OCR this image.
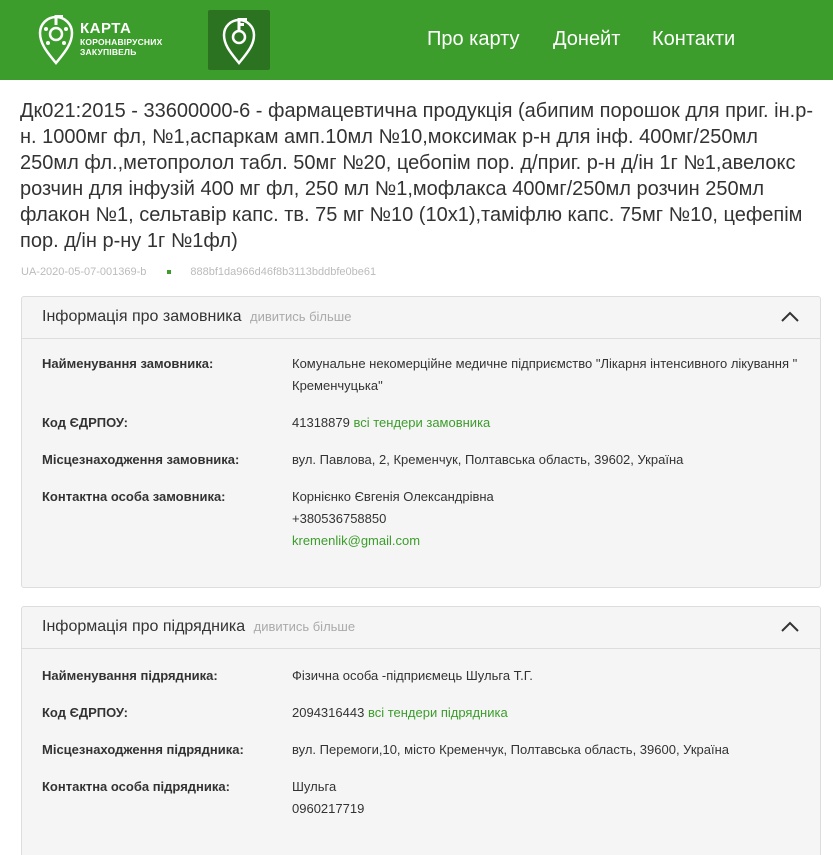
КАРТА
КОРОНАВІРУСНИХ
ЗАКУПІВЕЛЬ
Про карту Донейт Контакти
Дк021:2015 - 33600000-6 - фармацевтична продукція (абипим порошок для приг. ін.р-н. 1000мг фл, №1,аспаркам амп.10мл №10,моксимак р-н для інф. 400мг/250мл 250мл фл.,метопролол табл. 50мг №20, цебопім пор. д/приг. р-н д/ін 1г №1,авелокс розчин для інфузій 400 мг фл, 250 мл №1,мофлакса 400мг/250мл розчин 250мл флакон №1, сельтавір капс. тв. 75 мг №10 (10х1),таміфлю капс. 75мг №10, цефепім пор. д/ін р-ну 1г №1фл)
UA-2020-05-07-001369-b	888bf1da966d46f8b3113bddbfe0be61
Інформація про замовника дивитись більше
Найменування замовника:	Комунальне некомерційне медичне підприємство "Лікарня інтенсивного лікування " Кременчуцька"
Код ЄДРПОУ:	41318879 всі тендери замовника
Місцезнаходження замовника:	вул. Павлова, 2, Кременчук, Полтавська область, 39602, Україна
Контактна особа замовника:	Корнієнко Євгенія Олександрівна
+380536758850
kremenlik@gmail.com
Інформація про підрядника дивитись більше
Найменування підрядника:	Фізична особа -підприємець Шульга Т.Г.
Код ЄДРПОУ:	2094316443 всі тендери підрядника
Місцезнаходження підрядника:	вул. Перемоги,10, місто Кременчук, Полтавська область, 39600, Україна
Контактна особа підрядника:	Шульга
0960217719
